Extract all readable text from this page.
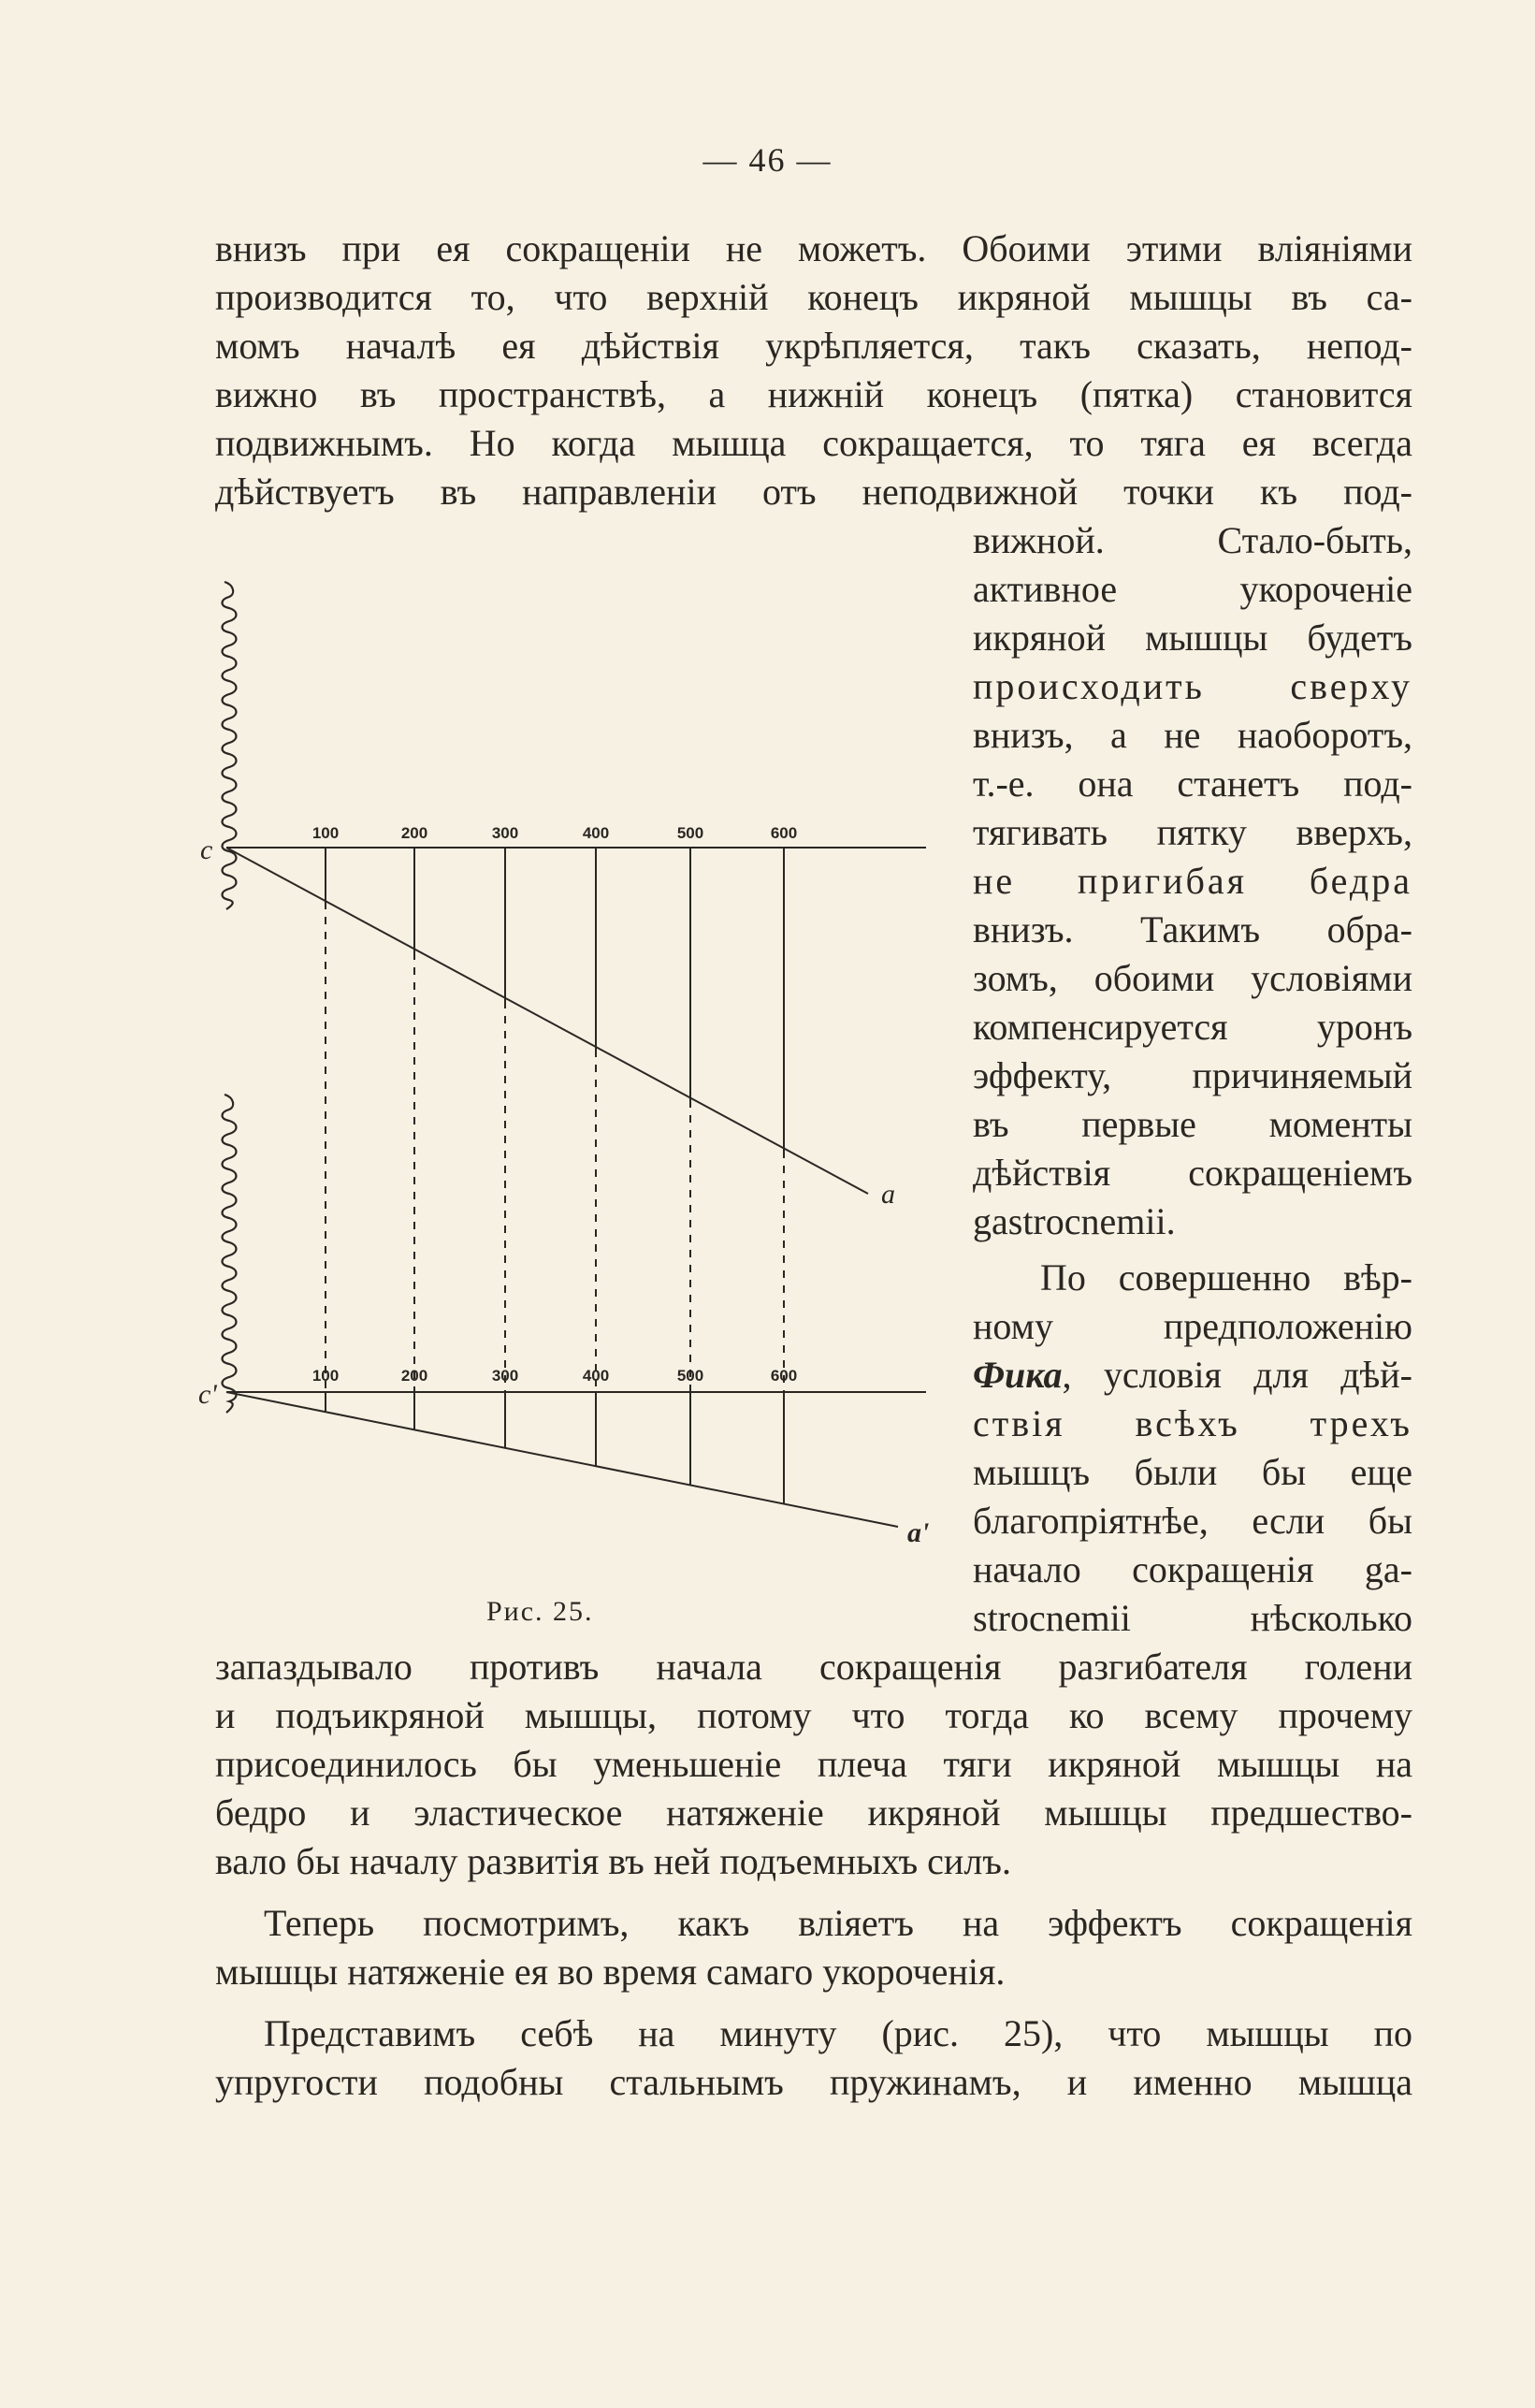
— 46 —
внизъ при ея сокращеніи не можетъ. Обоими этими вліяніями
производится то, что верхній конецъ икряной мышцы въ са-
момъ началѣ ея дѣйствія укрѣпляется, такъ сказать, непод-
вижно въ пространствѣ, а нижній конецъ (пятка) становится
подвижнымъ. Но когда мышца сокращается, то тяга ея всегда
дѣйствуетъ въ направленіи отъ неподвижной точки къ под-
вижной. Стало-быть,
активное укороченіе
икряной мышцы будетъ
происходить сверху
внизъ, а не наоборотъ,
т.-е. она станетъ под-
тягивать пятку вверхъ,
не пригибая бедра
внизъ. Такимъ обра-
зомъ, обоими условіями
компенсируется уронъ
эффекту, причиняемый
въ первые моменты
дѣйствія сокращеніемъ
gastrocnemii.
По совершенно вѣр-
ному предположенію
Фика, условія для дѣй-
ствія всѣхъ трехъ
мышцъ были бы еще
благопріятнѣе, если бы
начало сокращенія ga-
strocnemii нѣсколько
запаздывало противъ начала сокращенія разгибателя голени
и подъикряной мышцы, потому что тогда ко всему прочему
присоединилось бы уменьшеніе плеча тяги икряной мышцы на
бедро и эластическое натяженіе икряной мышцы предшество-
вало бы началу развитія въ ней подъемныхъ силъ.
Теперь посмотримъ, какъ вліяетъ на эффектъ сокращенія
мышцы натяженіе ея во время самаго укороченія.
Представимъ себѣ на минуту (рис. 25), что мышцы по
упругости подобны стальнымъ пружинамъ, и именно мышца
100	200	300	400	500	600
100	200	300	400	500	600
c
a
c'
a'
Рис. 25.
